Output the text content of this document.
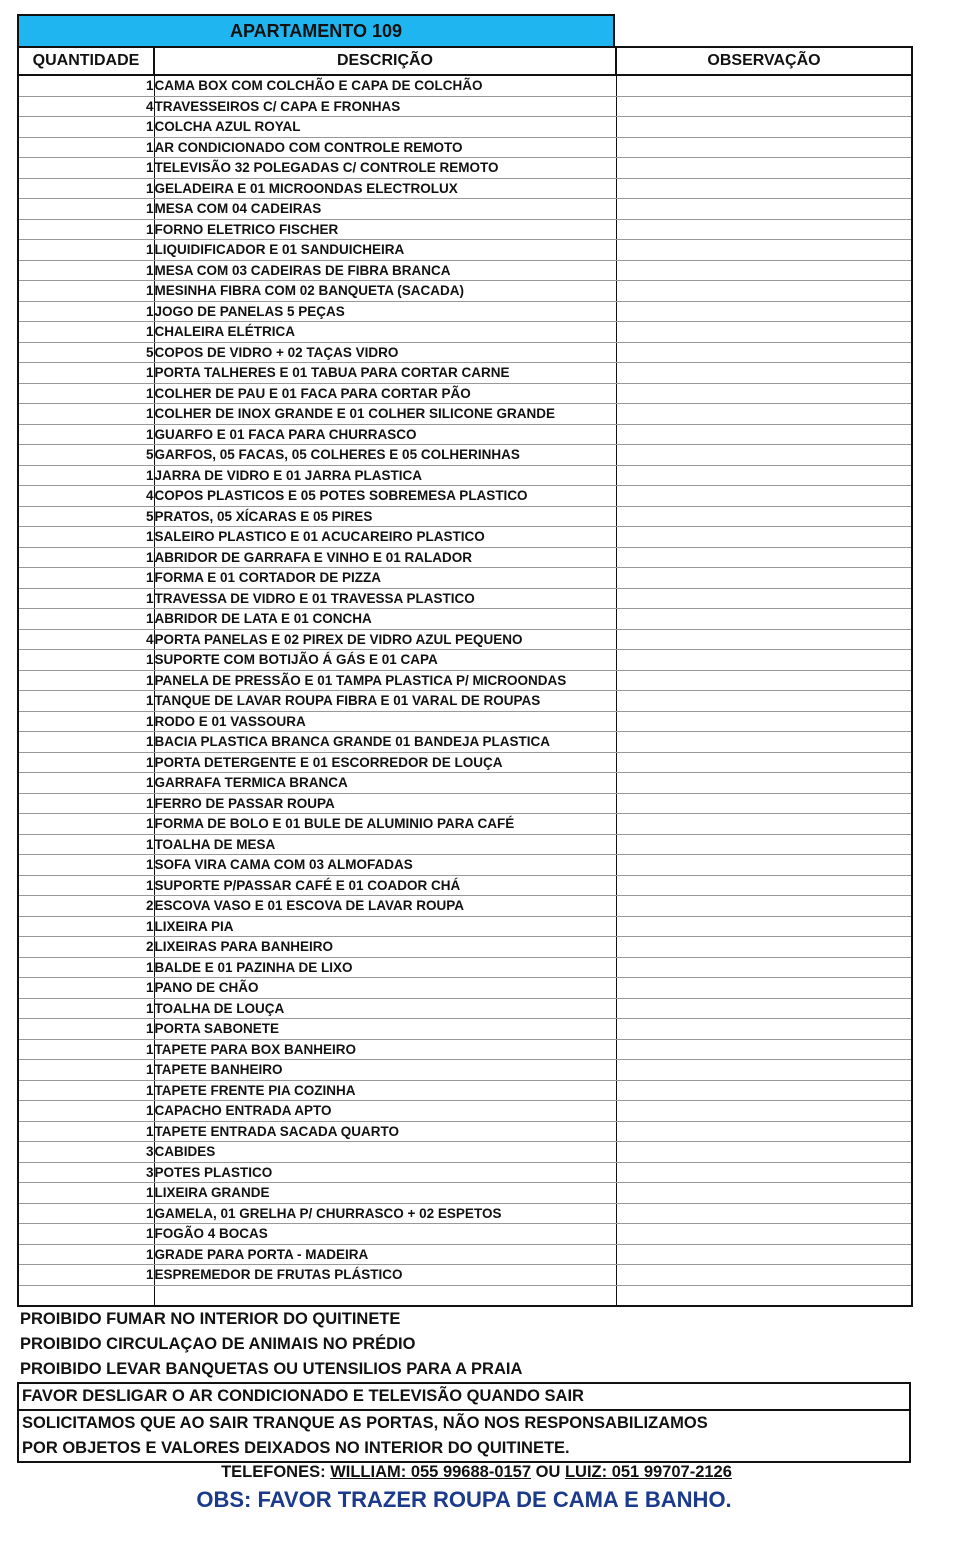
APARTAMENTO 109
QUANTIDADE	DESCRIÇÃO	OBSERVAÇÃO
1	CAMA BOX COM COLCHÃO E CAPA DE COLCHÃO	
4	TRAVESSEIROS C/ CAPA E FRONHAS	
1	COLCHA AZUL ROYAL	
1	AR CONDICIONADO COM CONTROLE REMOTO	
1	TELEVISÃO 32 POLEGADAS C/ CONTROLE REMOTO	
1	GELADEIRA E 01 MICROONDAS ELECTROLUX	
1	MESA COM 04 CADEIRAS	
1	FORNO ELETRICO FISCHER	
1	LIQUIDIFICADOR E 01 SANDUICHEIRA	
1	MESA COM 03 CADEIRAS DE FIBRA BRANCA	
1	MESINHA FIBRA COM 02 BANQUETA (SACADA)	
1	JOGO DE PANELAS 5 PEÇAS	
1	CHALEIRA ELÉTRICA	
5	COPOS DE VIDRO + 02 TAÇAS VIDRO	
1	PORTA TALHERES E 01 TABUA PARA CORTAR CARNE	
1	COLHER DE PAU E 01 FACA PARA CORTAR PÃO	
1	COLHER DE INOX GRANDE E 01 COLHER SILICONE GRANDE	
1	GUARFO E 01 FACA PARA CHURRASCO	
5	GARFOS, 05 FACAS, 05 COLHERES E 05 COLHERINHAS	
1	JARRA DE VIDRO E 01 JARRA PLASTICA	
4	COPOS PLASTICOS E 05 POTES SOBREMESA PLASTICO	
5	PRATOS, 05 XÍCARAS E 05 PIRES	
1	SALEIRO PLASTICO E 01 ACUCAREIRO PLASTICO	
1	ABRIDOR DE GARRAFA E VINHO E 01 RALADOR	
1	FORMA E 01 CORTADOR DE PIZZA	
1	TRAVESSA DE VIDRO E 01 TRAVESSA PLASTICO	
1	ABRIDOR DE LATA E 01 CONCHA	
4	PORTA PANELAS E 02 PIREX DE VIDRO AZUL PEQUENO	
1	SUPORTE COM BOTIJÃO Á GÁS E 01 CAPA	
1	PANELA DE PRESSÃO E 01 TAMPA PLASTICA P/ MICROONDAS	
1	TANQUE DE LAVAR ROUPA FIBRA E 01 VARAL DE ROUPAS	
1	RODO E 01 VASSOURA	
1	BACIA PLASTICA BRANCA GRANDE 01 BANDEJA PLASTICA	
1	PORTA DETERGENTE E 01 ESCORREDOR DE LOUÇA	
1	GARRAFA TERMICA BRANCA	
1	FERRO DE PASSAR ROUPA	
1	FORMA DE BOLO E 01 BULE DE ALUMINIO PARA CAFÉ	
1	TOALHA DE MESA	
1	SOFA VIRA CAMA COM 03 ALMOFADAS	
1	SUPORTE P/PASSAR CAFÉ E 01 COADOR CHÁ	
2	ESCOVA VASO E 01 ESCOVA DE LAVAR ROUPA	
1	LIXEIRA PIA	
2	LIXEIRAS PARA BANHEIRO	
1	BALDE E 01 PAZINHA DE LIXO	
1	PANO DE CHÃO	
1	TOALHA DE LOUÇA	
1	PORTA SABONETE	
1	TAPETE PARA BOX BANHEIRO	
1	TAPETE BANHEIRO	
1	TAPETE FRENTE PIA COZINHA	
1	CAPACHO ENTRADA APTO	
1	TAPETE ENTRADA SACADA QUARTO	
3	CABIDES	
3	POTES PLASTICO	
1	LIXEIRA GRANDE	
1	GAMELA, 01 GRELHA P/ CHURRASCO + 02 ESPETOS	
1	FOGÃO 4 BOCAS	
1	GRADE PARA PORTA - MADEIRA	
1	ESPREMEDOR DE FRUTAS PLÁSTICO	

PROIBIDO FUMAR NO INTERIOR DO QUITINETE
PROIBIDO CIRCULAÇAO DE ANIMAIS NO PRÉDIO
PROIBIDO LEVAR BANQUETAS OU UTENSILIOS PARA A PRAIA
FAVOR DESLIGAR O AR CONDICIONADO E TELEVISÃO QUANDO SAIR
SOLICITAMOS QUE AO SAIR TRANQUE AS PORTAS, NÃO NOS RESPONSABILIZAMOS
POR OBJETOS E VALORES DEIXADOS NO INTERIOR DO QUITINETE.
TELEFONES: WILLIAM: 055 99688-0157 OU LUIZ: 051 99707-2126
OBS: FAVOR TRAZER ROUPA DE CAMA E BANHO.
